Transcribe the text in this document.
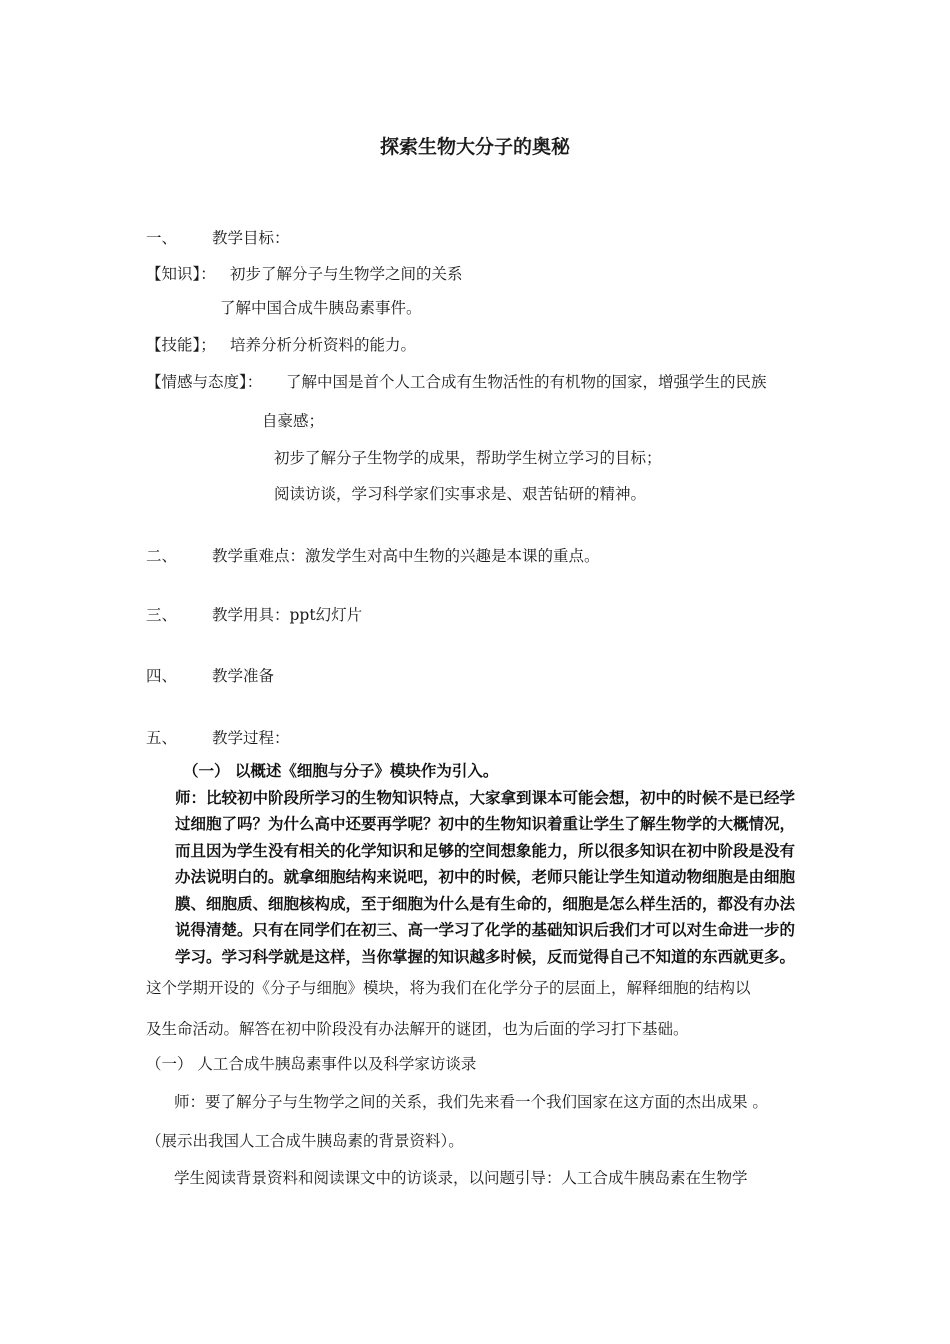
探索生物大分子的奥秘
一、 教学目标：
【知识】： 初步了解分子与生物学之间的关系
了解中国合成牛胰岛素事件。
【技能】； 培养分析分析资料的能力。
【情感与态度】： 了解中国是首个人工合成有生物活性的有机物的国家，增强学生的民族
自豪感；
初步了解分子生物学的成果，帮助学生树立学习的目标；
阅读访谈，学习科学家们实事求是、艰苦钻研的精神。
二、 教学重难点：激发学生对高中生物的兴趣是本课的重点。
三、 教学用具：ppt幻灯片
四、 教学准备
五、 教学过程：
（一） 以概述《细胞与分子》模块作为引入。
师：比较初中阶段所学习的生物知识特点，大家拿到课本可能会想，初中的时候不是已经学
过细胞了吗？为什么高中还要再学呢？初中的生物知识着重让学生了解生物学的大概情况，
而且因为学生没有相关的化学知识和足够的空间想象能力，所以很多知识在初中阶段是没有
办法说明白的。就拿细胞结构来说吧，初中的时候，老师只能让学生知道动物细胞是由细胞
膜、细胞质、细胞核构成，至于细胞为什么是有生命的，细胞是怎么样生活的，都没有办法
说得清楚。只有在同学们在初三、高一学习了化学的基础知识后我们才可以对生命进一步的
学习。学习科学就是这样，当你掌握的知识越多时候，反而觉得自己不知道的东西就更多。
这个学期开设的《分子与细胞》模块，将为我们在化学分子的层面上，解释细胞的结构以
及生命活动。解答在初中阶段没有办法解开的谜团，也为后面的学习打下基础。
（一） 人工合成牛胰岛素事件以及科学家访谈录
师：要了解分子与生物学之间的关系，我们先来看一个我们国家在这方面的杰出成果 。
（展示出我国人工合成牛胰岛素的背景资料）。
学生阅读背景资料和阅读课文中的访谈录，以问题引导：人工合成牛胰岛素在生物学
